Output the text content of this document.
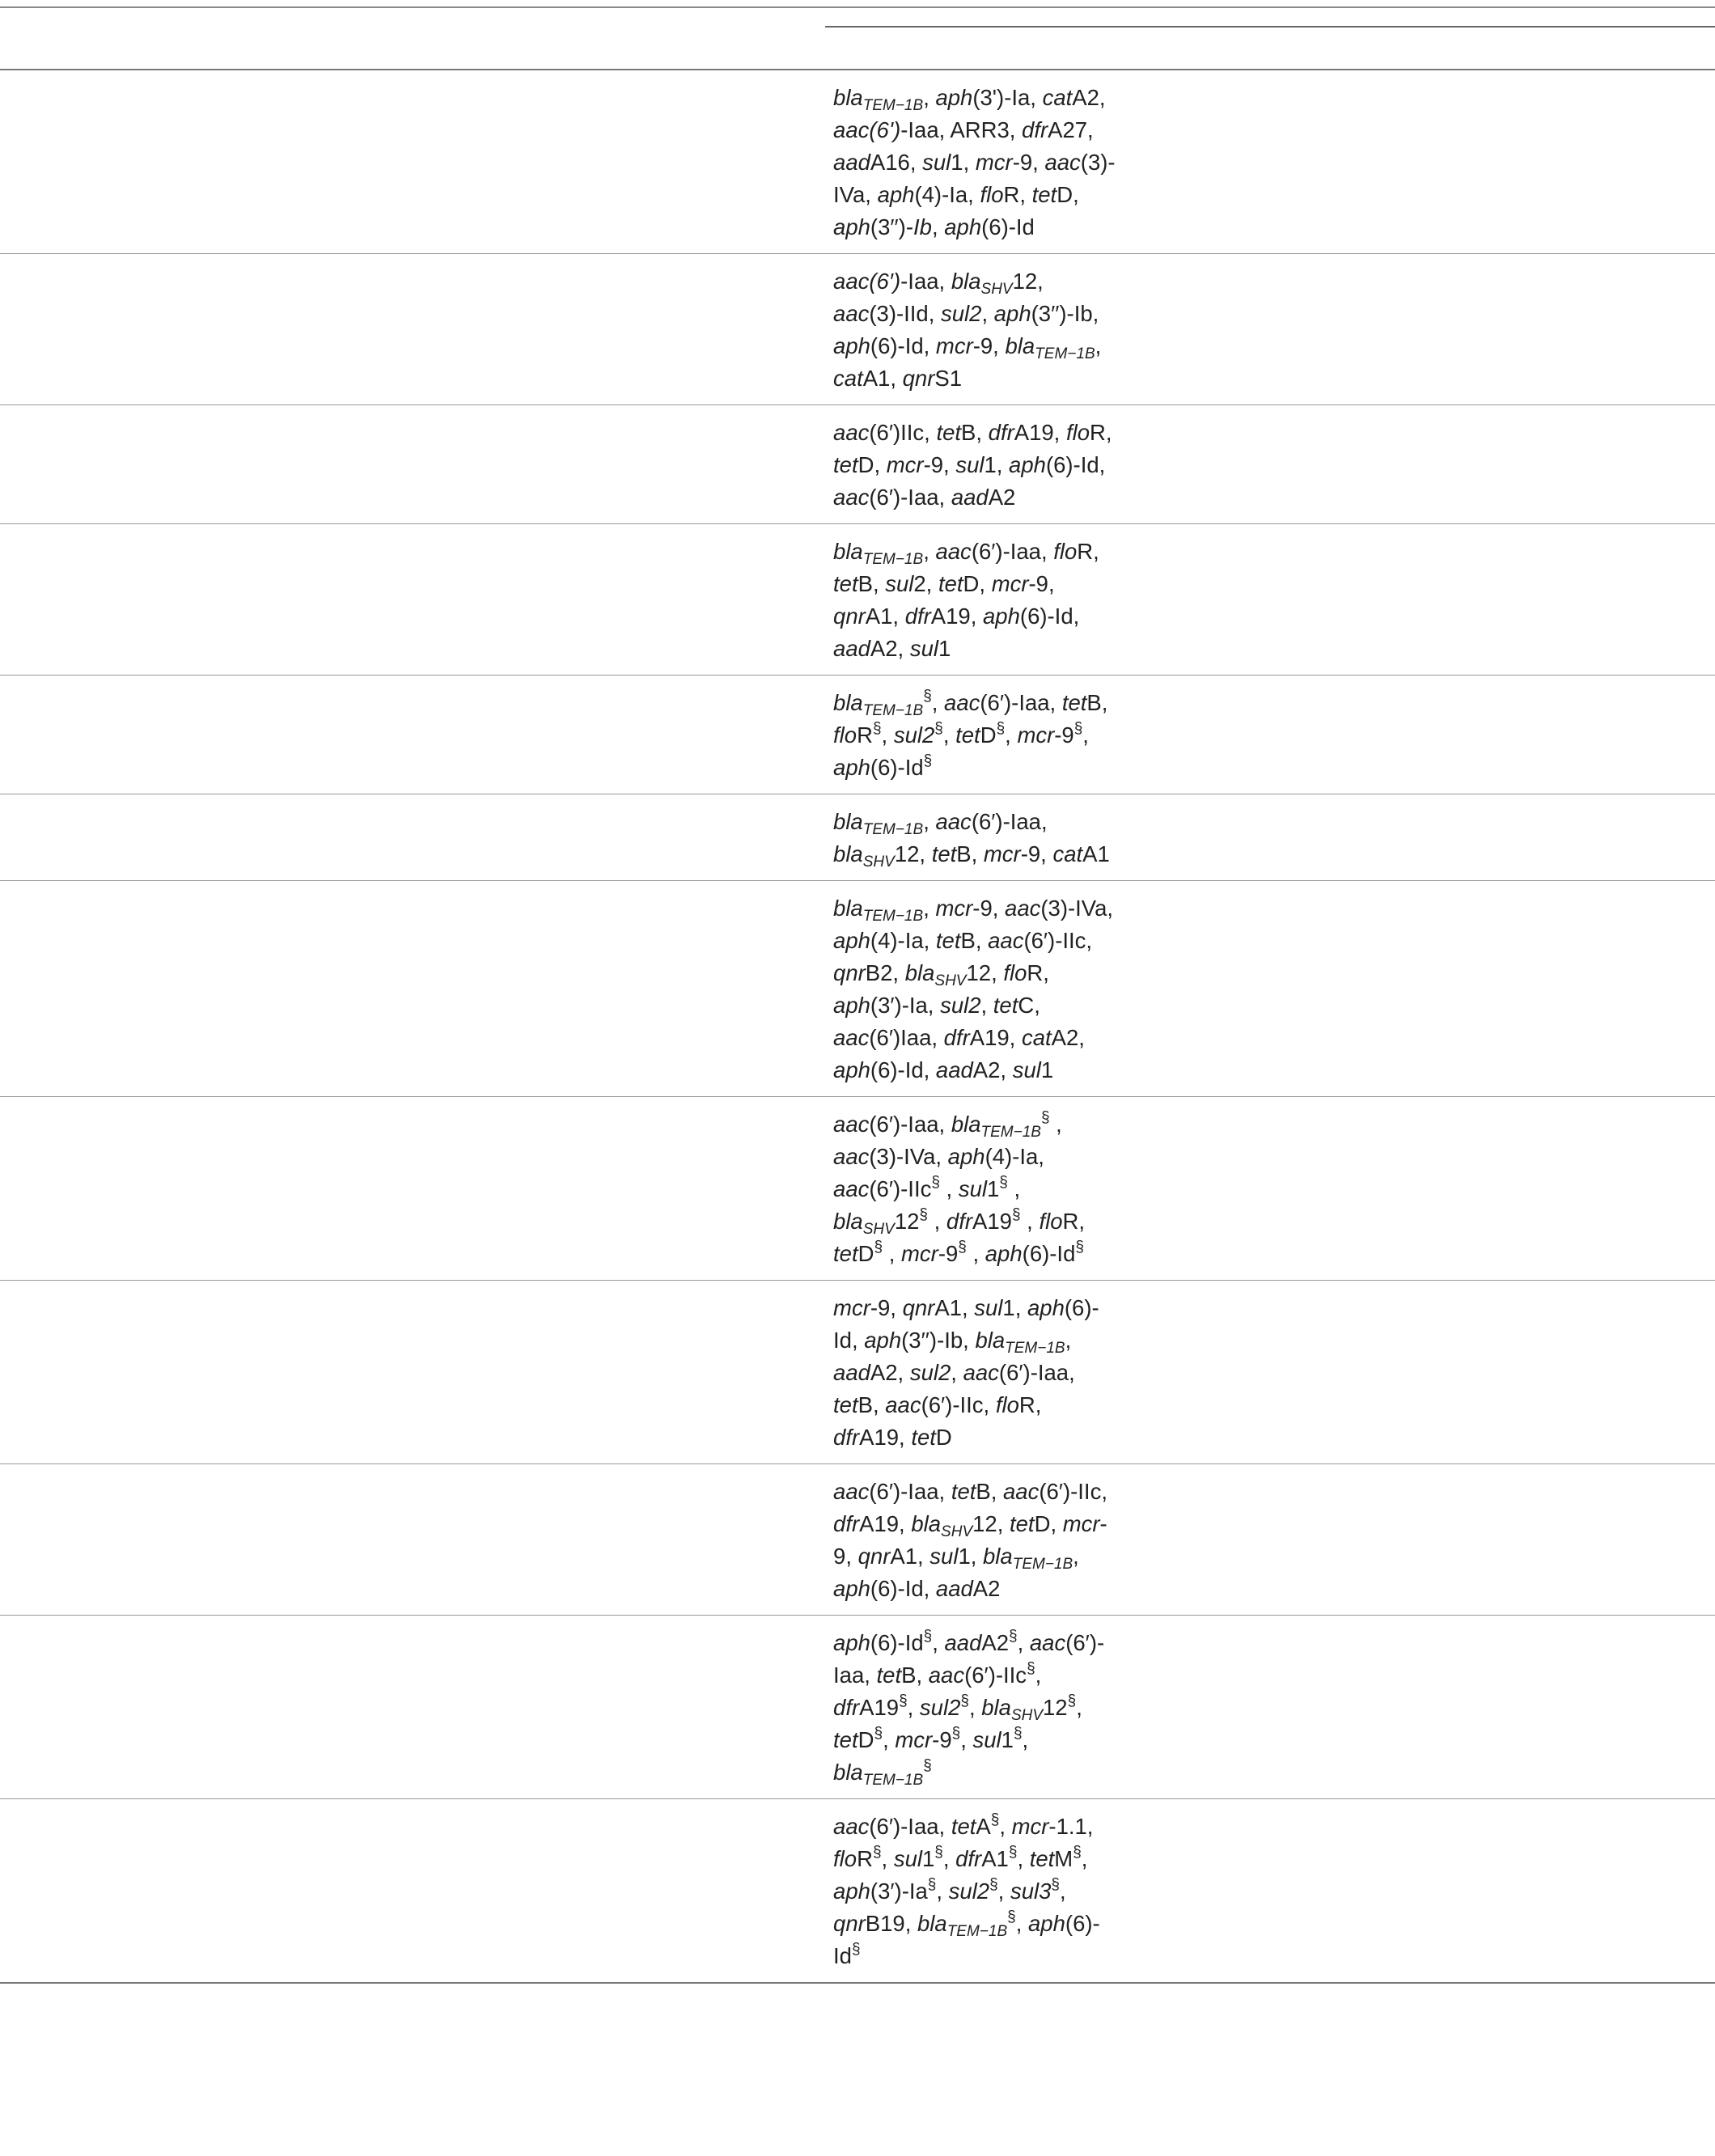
						bla$_{TEM-1B}$, aph(3')-Ia, catA2, aac(6')-Iaa, ARR3, dfrA27, aadA16, sul1, mcr-9, aac(3)-IVa, aph(4)-Ia, floR, tetD, aph(3′′)-Ib, aph(6)-Id			
						aac(6′)-Iaa, bla$_{SHV}$12, aac(3)-IId, sul2, aph(3′′)-Ib, aph(6)-Id, mcr-9, bla$_{TEM-1B}$, catA1, qnrS1			
						aac(6′)IIc, tetB, dfrA19, floR, tetD, mcr-9, sul1, aph(6)-Id, aac(6′)-Iaa, aadA2			
						bla$_{TEM-1B}$, aac(6′)-Iaa, floR, tetB, sul2, tetD, mcr-9, qnrA1, dfrA19, aph(6)-Id, aadA2, sul1			
						bla$_{TEM-1B}$§, aac(6′)-Iaa, tetB, floR§, sul2§, tetD§, mcr-9§, aph(6)-Id§			
						bla$_{TEM-1B}$, aac(6′)-Iaa, bla$_{SHV}$12, tetB, mcr-9, catA1			
						bla$_{TEM-1B}$, mcr-9, aac(3)-IVa, aph(4)-Ia, tetB, aac(6′)-IIc, qnrB2, bla$_{SHV}$12, floR, aph(3′)-Ia, sul2, tetC, aac(6′)Iaa, dfrA19, catA2, aph(6)-Id, aadA2, sul1			
						aac(6′)-Iaa, bla$_{TEM-1B}$§ , aac(3)-IVa, aph(4)-Ia, aac(6′)-IIc§ , sul1§ , bla$_{SHV}$12§ , dfrA19§ , floR, tetD§ , mcr-9§ , aph(6)-Id§			
						mcr-9, qnrA1, sul1, aph(6)-Id, aph(3′′)-Ib, bla$_{TEM-1B}$, aadA2, sul2, aac(6′)-Iaa, tetB, aac(6′)-IIc, floR, dfrA19, tetD			
						aac(6′)-Iaa, tetB, aac(6′)-IIc, dfrA19, bla$_{SHV}$12, tetD, mcr-9, qnrA1, sul1, bla$_{TEM-1B}$, aph(6)-Id, aadA2			
						aph(6)-Id§, aadA2§, aac(6′)-Iaa, tetB, aac(6′)-IIc§, dfrA19§, sul2§, bla$_{SHV}$12§, tetD§, mcr-9§, sul1§, bla$_{TEM-1B}$§			
						aac(6′)-Iaa, tetA§, mcr-1.1, floR§, sul1§, dfrA1§, tetM§, aph(3′)-Ia§, sul2§, sul3§, qnrB19, bla$_{TEM-1B}$§, aph(6)-Id§			
